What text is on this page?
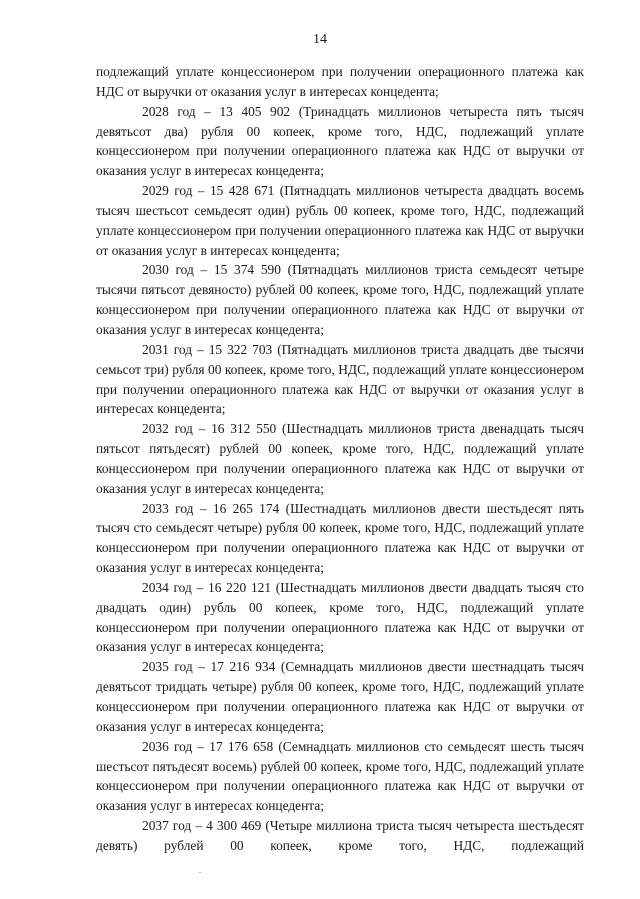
14

подлежащий уплате концессионером при получении операционного платежа как НДС от выручки от оказания услуг в интересах концедента;

2028 год – 13 405 902 (Тринадцать миллионов четыреста пять тысяч девятьсот два) рубля 00 копеек, кроме того, НДС, подлежащий уплате концессионером при получении операционного платежа как НДС от выручки от оказания услуг в интересах концедента;

2029 год – 15 428 671 (Пятнадцать миллионов четыреста двадцать восемь тысяч шестьсот семьдесят один) рубль 00 копеек, кроме того, НДС, подлежащий уплате концессионером при получении операционного платежа как НДС от выручки от оказания услуг в интересах концедента;

2030 год – 15 374 590 (Пятнадцать миллионов триста семьдесят четыре тысячи пятьсот девяносто) рублей 00 копеек, кроме того, НДС, подлежащий уплате концессионером при получении операционного платежа как НДС от выручки от оказания услуг в интересах концедента;

2031 год – 15 322 703 (Пятнадцать миллионов триста двадцать две тысячи семьсот три) рубля 00 копеек, кроме того, НДС, подлежащий уплате концессионером при получении операционного платежа как НДС от выручки от оказания услуг в интересах концедента;

2032 год – 16 312 550 (Шестнадцать миллионов триста двенадцать тысяч пятьсот пятьдесят) рублей 00 копеек, кроме того, НДС, подлежащий уплате концессионером при получении операционного платежа как НДС от выручки от оказания услуг в интересах концедента;

2033 год – 16 265 174 (Шестнадцать миллионов двести шестьдесят пять тысяч сто семьдесят четыре) рубля 00 копеек, кроме того, НДС, подлежащий уплате концессионером при получении операционного платежа как НДС от выручки от оказания услуг в интересах концедента;

2034 год – 16 220 121 (Шестнадцать миллионов двести двадцать тысяч сто двадцать один) рубль 00 копеек, кроме того, НДС, подлежащий уплате концессионером при получении операционного платежа как НДС от выручки от оказания услуг в интересах концедента;

2035 год – 17 216 934 (Семнадцать миллионов двести шестнадцать тысяч девятьсот тридцать четыре) рубля 00 копеек, кроме того, НДС, подлежащий уплате концессионером при получении операционного платежа как НДС от выручки от оказания услуг в интересах концедента;

2036 год – 17 176 658 (Семнадцать миллионов сто семьдесят шесть тысяч шестьсот пятьдесят восемь) рублей 00 копеек, кроме того, НДС, подлежащий уплате концессионером при получении операционного платежа как НДС от выручки от оказания услуг в интересах концедента;

2037 год – 4 300 469 (Четыре миллиона триста тысяч четыреста шестьдесят девять) рублей 00 копеек, кроме того, НДС, подлежащий
